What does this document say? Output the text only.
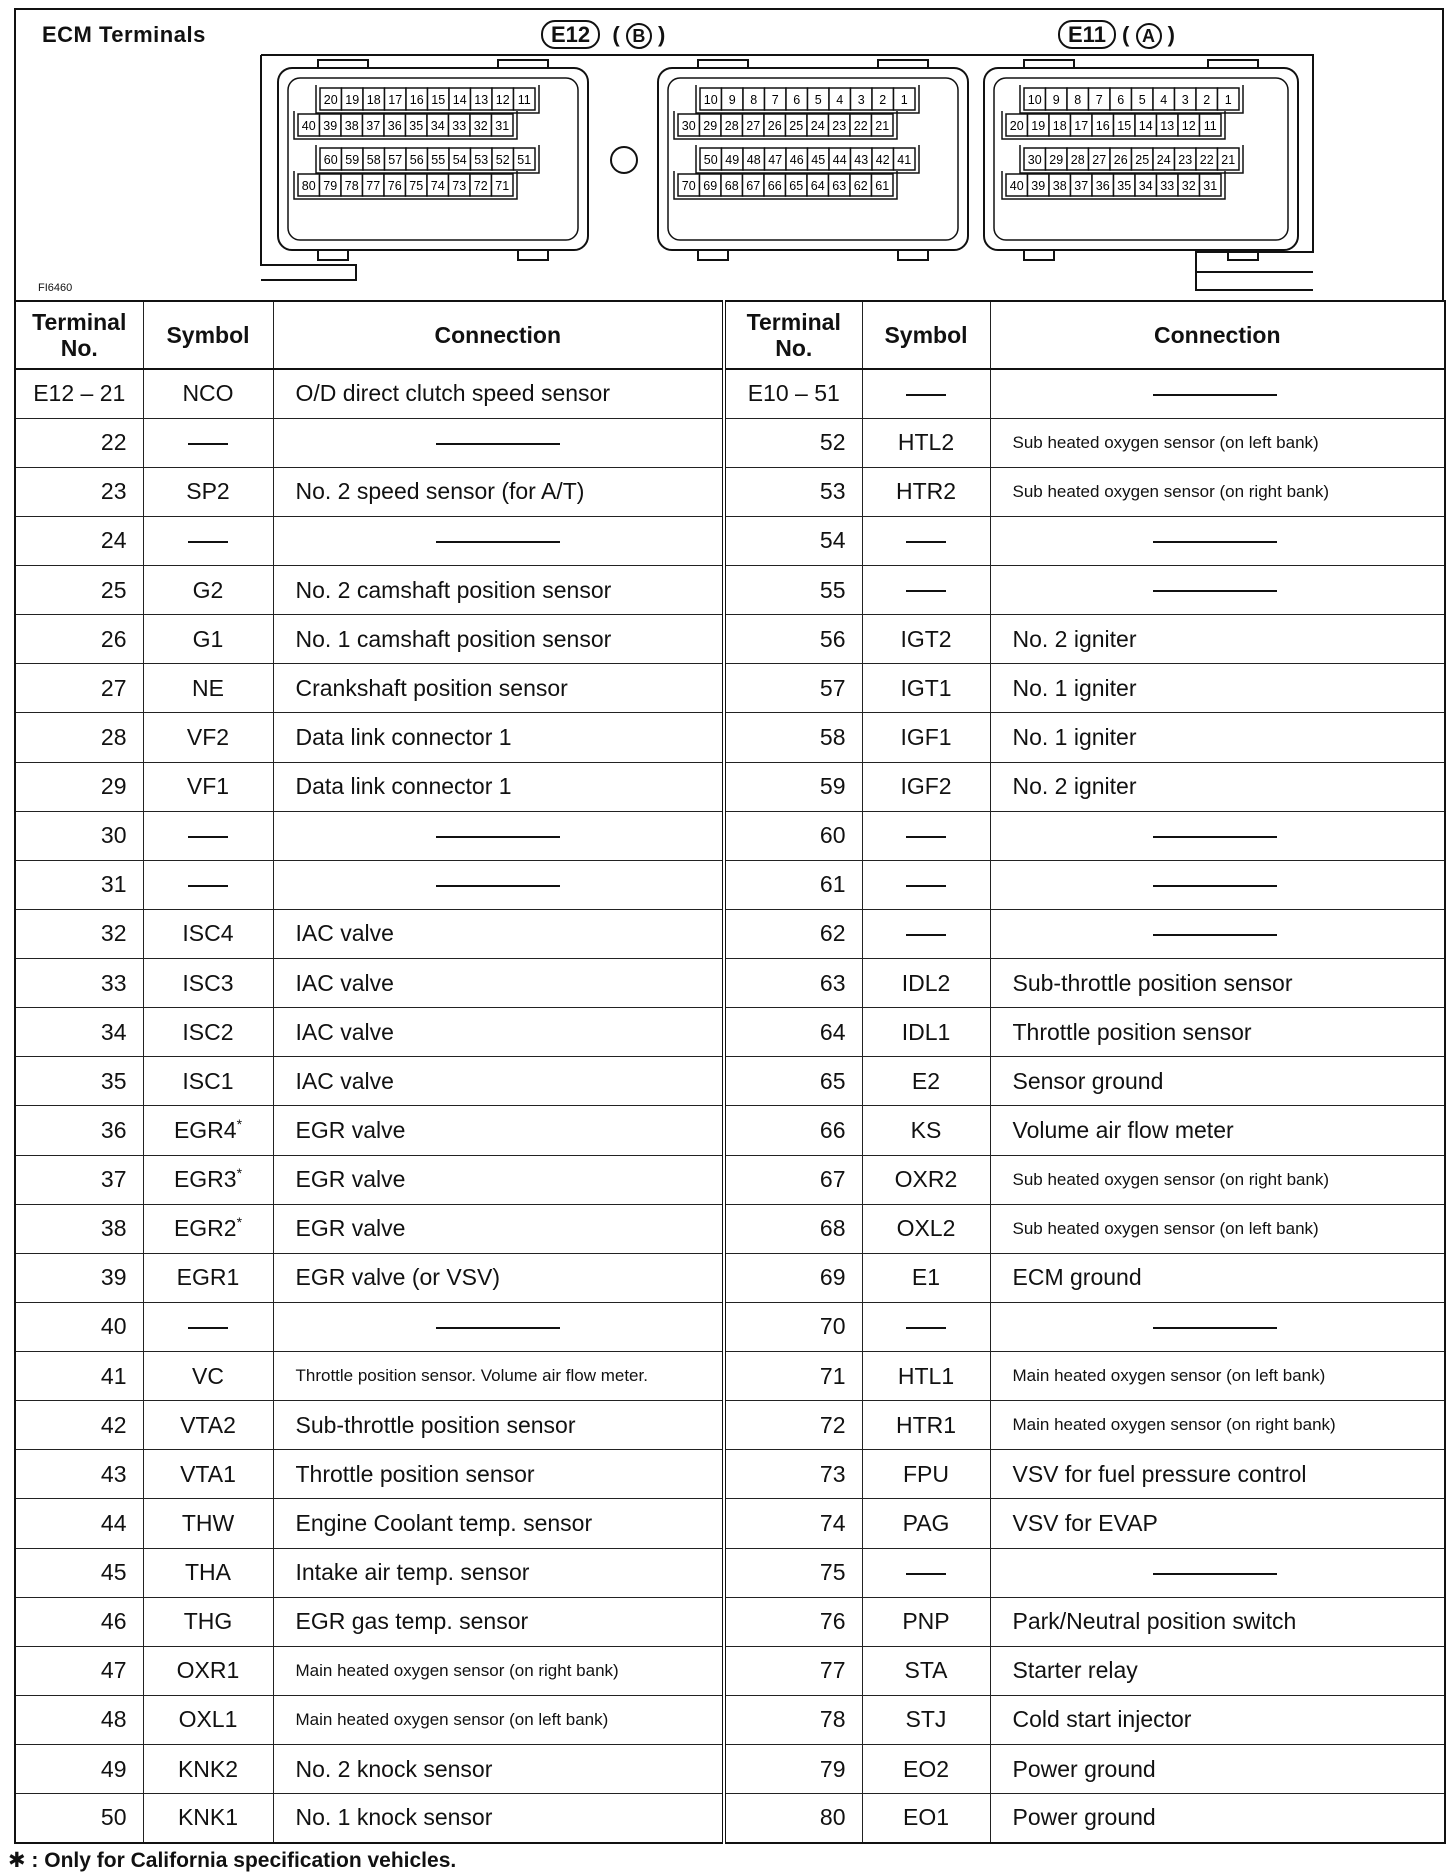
ECM Terminals	E12  ( B )	E11 ( A )
FI6460
20 19 18 17 16 15 14 13 12 11
40 39 38 37 36 35 34 33 32 31
60 59 58 57 56 55 54 53 52 51
80 79 78 77 76 75 74 73 72 71
10 9 8 7 6 5 4 3 2 1
30 29 28 27 26 25 24 23 22 21
50 49 48 47 46 45 44 43 42 41
70 69 68 67 66 65 64 63 62 61
10 9 8 7 6 5 4 3 2 1
20 19 18 17 16 15 14 13 12 11
30 29 28 27 26 25 24 23 22 21
40 39 38 37 36 35 34 33 32 31
Terminal
No.	Symbol	Connection	Terminal
No.	Symbol	Connection
E12 – 21	NCO	O/D direct clutch speed sensor	E10 – 51		
22			52	HTL2	Sub heated oxygen sensor (on left bank)
23	SP2	No. 2 speed sensor (for A/T)	53	HTR2	Sub heated oxygen sensor (on right bank)
24			54		
25	G2	No. 2 camshaft position sensor	55		
26	G1	No. 1 camshaft position sensor	56	IGT2	No. 2 igniter
27	NE	Crankshaft position sensor	57	IGT1	No. 1 igniter
28	VF2	Data link connector 1	58	IGF1	No. 1 igniter
29	VF1	Data link connector 1	59	IGF2	No. 2 igniter
30			60		
31			61		
32	ISC4	IAC valve	62		
33	ISC3	IAC valve	63	IDL2	Sub-throttle position sensor
34	ISC2	IAC valve	64	IDL1	Throttle position sensor
35	ISC1	IAC valve	65	E2	Sensor ground
36	EGR4*	EGR valve	66	KS	Volume air flow meter
37	EGR3*	EGR valve	67	OXR2	Sub heated oxygen sensor (on right bank)
38	EGR2*	EGR valve	68	OXL2	Sub heated oxygen sensor (on left bank)
39	EGR1	EGR valve (or VSV)	69	E1	ECM ground
40			70		
41	VC	Throttle position sensor. Volume air flow meter.	71	HTL1	Main heated oxygen sensor (on left bank)
42	VTA2	Sub-throttle position sensor	72	HTR1	Main heated oxygen sensor (on right bank)
43	VTA1	Throttle position sensor	73	FPU	VSV for fuel pressure control
44	THW	Engine Coolant temp. sensor	74	PAG	VSV for EVAP
45	THA	Intake air temp. sensor	75		
46	THG	EGR gas temp. sensor	76	PNP	Park/Neutral position switch
47	OXR1	Main heated oxygen sensor (on right bank)	77	STA	Starter relay
48	OXL1	Main heated oxygen sensor (on left bank)	78	STJ	Cold start injector
49	KNK2	No. 2 knock sensor	79	EO2	Power ground
50	KNK1	No. 1 knock sensor	80	EO1	Power ground
✱ : Only for California specification vehicles.
